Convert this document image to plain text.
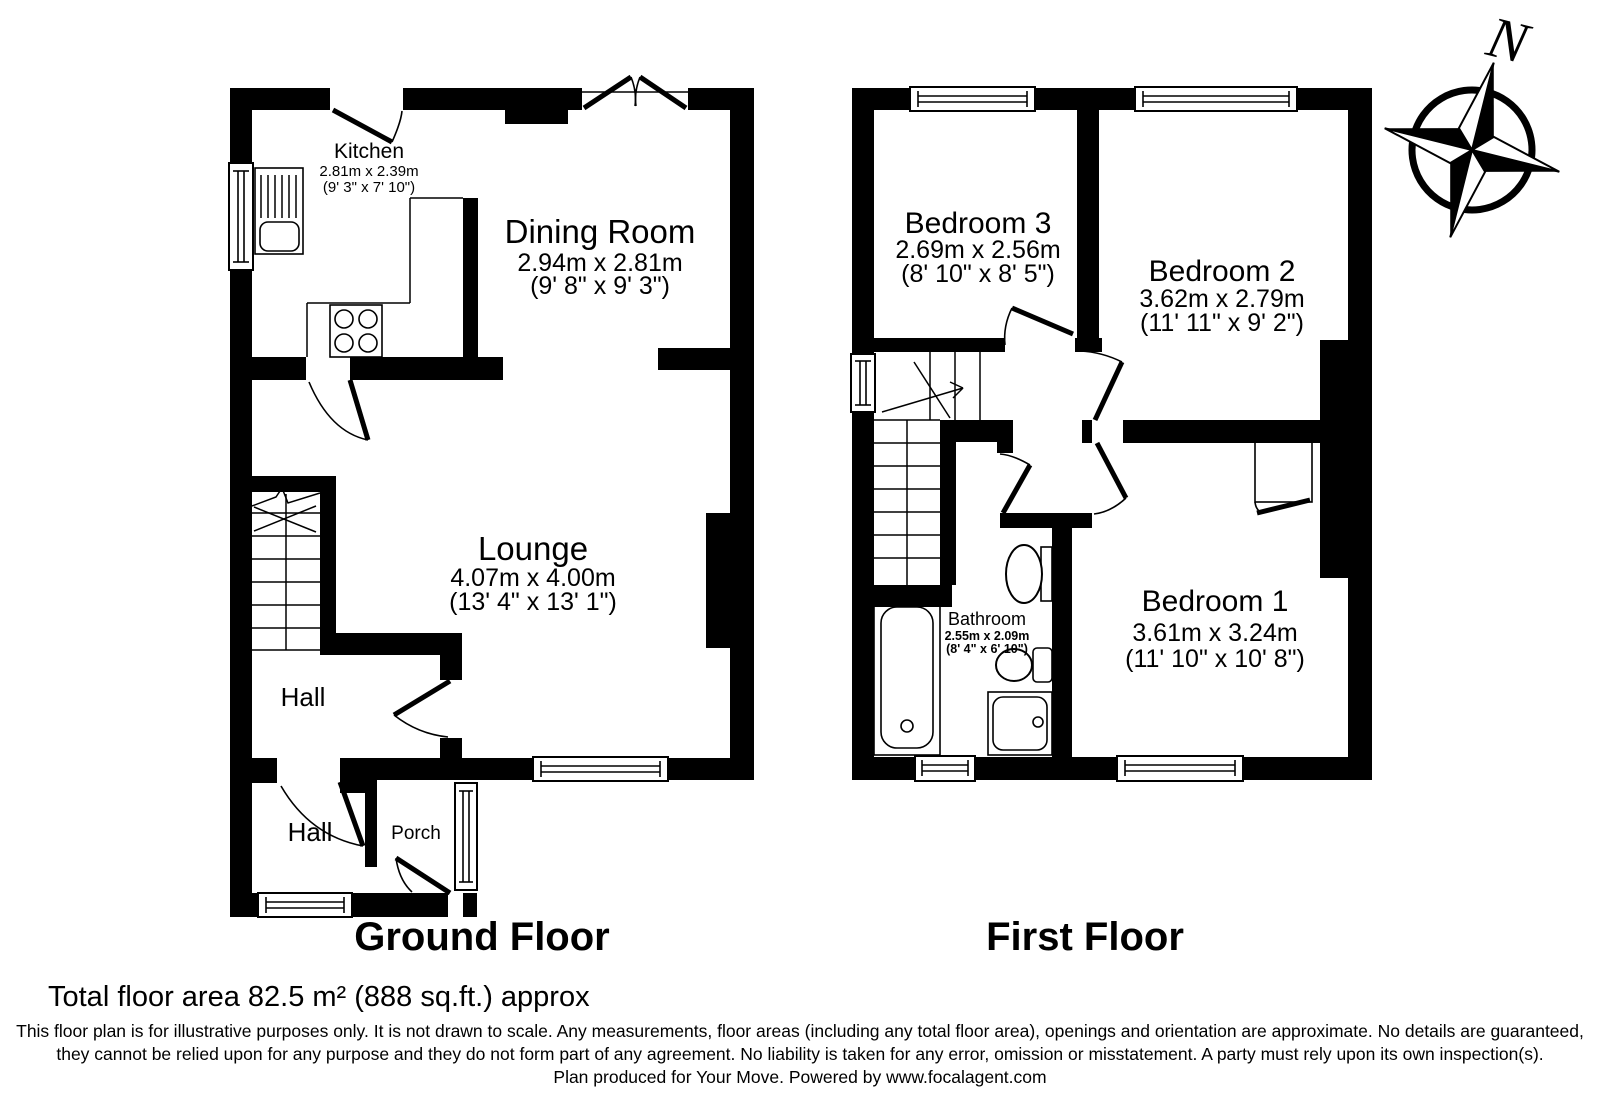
Kitchen
2.81m x 2.39m
(9' 3" x 7' 10")
Dining Room
2.94m x 2.81m
(9' 8" x 9' 3")
Lounge
4.07m x 4.00m
(13' 4" x 13' 1")
Hall
Hall	Porch
Bedroom 3
2.69m x 2.56m
(8' 10" x 8' 5")	Bedroom 2
3.62m x 2.79m
(11' 11" x 9' 2")
Bedroom 1
3.61m x 3.24m
(11' 10" x 10' 8")
Bathroom
2.55m x 2.09m
(8' 4" x 6' 10")
Ground Floor	First Floor
N
Total floor area 82.5 m² (888 sq.ft.) approx
This floor plan is for illustrative purposes only. It is not drawn to scale. Any measurements, floor areas (including any total floor area), openings and orientation are approximate. No details are guaranteed,
they cannot be relied upon for any purpose and they do not form part of any agreement. No liability is taken for any error, omission or misstatement. A party must rely upon its own inspection(s).
Plan produced for Your Move. Powered by www.focalagent.com
